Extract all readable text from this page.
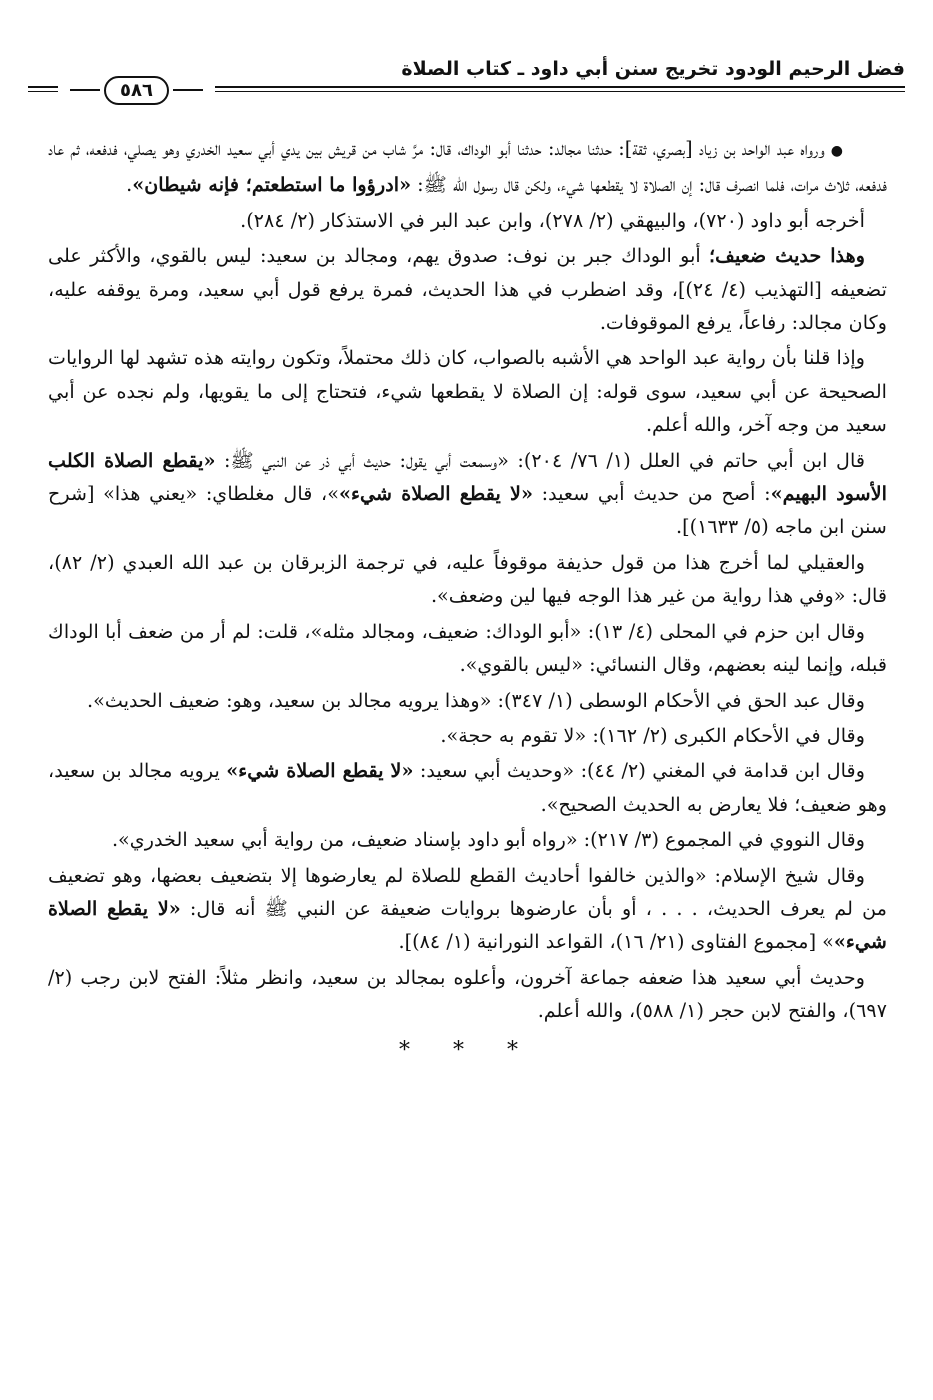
فضل الرحيم الودود تخريج سنن أبي داود ـ كتاب الصلاة
٥٨٦

●ورواه عبد الواحد بن زياد [بصري، ثقة]: حدثنا مجالد: حدثنا أبو الوداك، قال: مرَّ شاب من قريش بين يدي أبي سعيد الخدري وهو يصلي، فدفعه، ثم عاد فدفعه، ثلاث مرات، فلما انصرف قال: إن الصلاة لا يقطعها شيء، ولكن قال رسول الله ﷺ: «ادرؤوا ما استطعتم؛ فإنه شيطان».

أخرجه أبو داود (٧٢٠)، والبيهقي (٢/ ٢٧٨)، وابن عبد البر في الاستذكار (٢/ ٢٨٤).

وهذا حديث ضعيف؛ أبو الوداك جبر بن نوف: صدوق يهم، ومجالد بن سعيد: ليس بالقوي، والأكثر على تضعيفه [التهذيب (٤/ ٢٤)]، وقد اضطرب في هذا الحديث، فمرة يرفع قول أبي سعيد، ومرة يوقفه عليه، وكان مجالد: رفاعاً، يرفع الموقوفات.

وإذا قلنا بأن رواية عبد الواحد هي الأشبه بالصواب، كان ذلك محتملاً، وتكون روايته هذه تشهد لها الروايات الصحيحة عن أبي سعيد، سوى قوله: إن الصلاة لا يقطعها شيء، فتحتاج إلى ما يقويها، ولم نجده عن أبي سعيد من وجه آخر، والله أعلم.

قال ابن أبي حاتم في العلل (١/ ٧٦/ ٢٠٤): «وسمعت أبي يقول: حديث أبي ذر عن النبي ﷺ: «يقطع الصلاة الكلب الأسود البهيم»: أصح من حديث أبي سعيد: «لا يقطع الصلاة شيء»»، قال مغلطاي: «يعني هذا» [شرح سنن ابن ماجه (٥/ ١٦٣٣)].

والعقيلي لما أخرج هذا من قول حذيفة موقوفاً عليه، في ترجمة الزبرقان بن عبد الله العبدي (٢/ ٨٢)، قال: «وفي هذا رواية من غير هذا الوجه فيها لين وضعف».

وقال ابن حزم في المحلى (٤/ ١٣): «أبو الوداك: ضعيف، ومجالد مثله»، قلت: لم أر من ضعف أبا الوداك قبله، وإنما لينه بعضهم، وقال النسائي: «ليس بالقوي».

وقال عبد الحق في الأحكام الوسطى (١/ ٣٤٧): «وهذا يرويه مجالد بن سعيد، وهو: ضعيف الحديث».

وقال في الأحكام الكبرى (٢/ ١٦٢): «لا تقوم به حجة».

وقال ابن قدامة في المغني (٢/ ٤٤): «وحديث أبي سعيد: «لا يقطع الصلاة شيء» يرويه مجالد بن سعيد، وهو ضعيف؛ فلا يعارض به الحديث الصحيح».

وقال النووي في المجموع (٣/ ٢١٧): «رواه أبو داود بإسناد ضعيف، من رواية أبي سعيد الخدري».

وقال شيخ الإسلام: «والذين خالفوا أحاديث القطع للصلاة لم يعارضوها إلا بتضعيف بعضها، وهو تضعيف من لم يعرف الحديث، . . . ، أو بأن عارضوها بروايات ضعيفة عن النبي ﷺ أنه قال: «لا يقطع الصلاة شيء»» [مجموع الفتاوى (٢١/ ١٦)، القواعد النورانية (١/ ٨٤)].

وحديث أبي سعيد هذا ضعفه جماعة آخرون، وأعلوه بمجالد بن سعيد، وانظر مثلاً: الفتح لابن رجب (٢/ ٦٩٧)، والفتح لابن حجر (١/ ٥٨٨)، والله أعلم.

* * *
